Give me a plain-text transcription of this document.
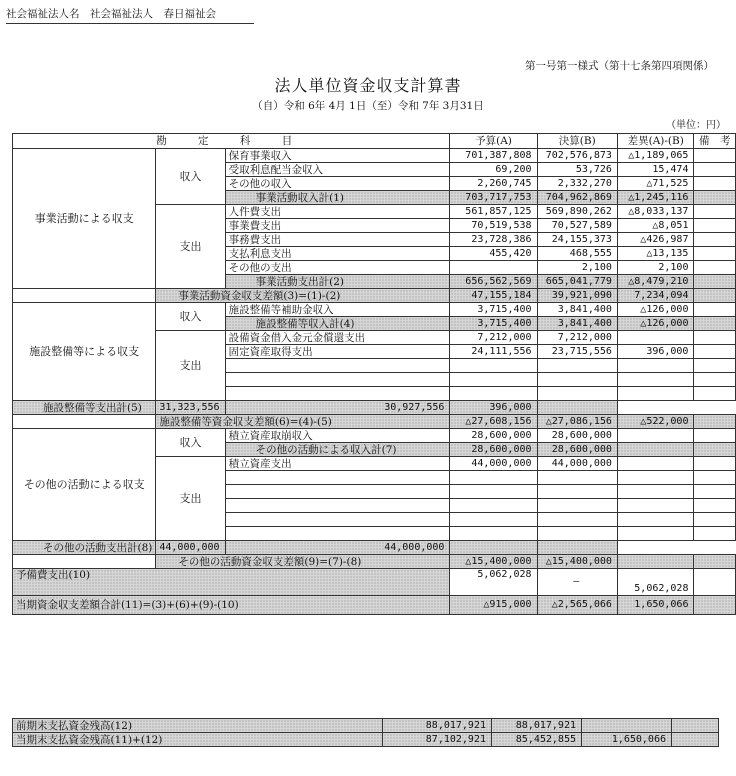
社会福祉法人名　社会福祉法人　春日福祉会
第一号第一様式（第十七条第四項関係）
法人単位資金収支計算書
（自）令和 6年 4月 1日（至）令和 7年 3月31日
（単位：円）
勘 定 科 目			予算(A)	決算(B)	差異(A)-(B)	備　考
事業活動による収支	収入	保育事業収入	701,387,808	702,576,873	△1,189,065	
		受取利息配当金収入	69,200	53,726	15,474	
		その他の収入	2,260,745	2,332,270	△71,525	
		事業活動収入計(1)	703,717,753	704,962,869	△1,245,116	
	支出	人件費支出	561,857,125	569,890,262	△8,033,137	
		事業費支出	70,519,538	70,527,589	△8,051	
		事務費支出	23,728,386	24,155,373	△426,987	
		支払利息支出	455,420	468,555	△13,135	
		その他の支出		2,100	2,100	
		事業活動支出計(2)	656,562,569	665,041,779	△8,479,210	
	事業活動資金収支差額(3)=(1)-(2)		47,155,184	39,921,090	7,234,094	
施設整備等による収支	収入	施設整備等補助金収入	3,715,400	3,841,400	△126,000	
		施設整備等収入計(4)	3,715,400	3,841,400	△126,000	
	支出	設備資金借入金元金償還支出	7,212,000	7,212,000		
		固定資産取得支出	24,111,556	23,715,556	396,000	

施設整備等支出計(5)	31,323,556	30,927,556	396,000			
	施設整備等資金収支差額(6)=(4)-(5)		△27,608,156	△27,086,156	△522,000	
その他の活動による収支	収入	積立資産取崩収入	28,600,000	28,600,000		
		その他の活動による収入計(7)	28,600,000	28,600,000		
	支出	積立資産支出	44,000,000	44,000,000		

その他の活動支出計(8)	44,000,000	44,000,000				
	その他の活動資金収支差額(9)=(7)-(8)		△15,400,000	△15,400,000		
予備費支出(10)			5,062,028	―	5,062,028	
当期資金収支差額合計(11)=(3)+(6)+(9)-(10)			△915,000	△2,565,066	1,650,066	
前期末支払資金残高(12)	88,017,921	88,017,921		
当期末支払資金残高(11)+(12)	87,102,921	85,452,855	1,650,066	
